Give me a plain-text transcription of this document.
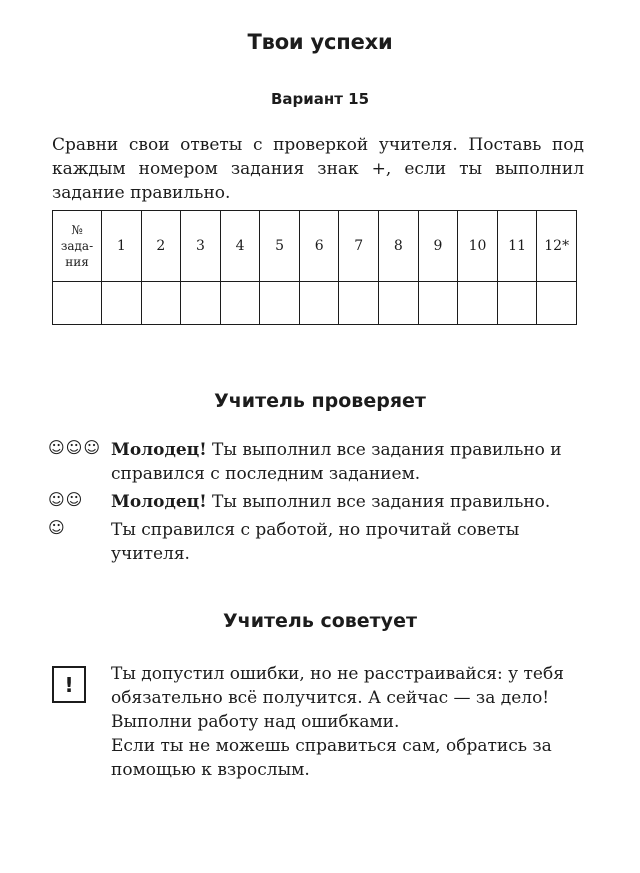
Твои успехи
Вариант 15
Сравни свои ответы с проверкой учителя. Поставь под каждым номером задания знак +, если ты выполнил задание правильно.
№
зада-
ния	1	2	3	4	5	6	7	8	9	10	11	12*

Учитель проверяет
☺☺☺ Молодец! Ты выполнил все задания правильно и справился с последним заданием.
☺☺ Молодец! Ты выполнил все задания правильно.
☺	Ты справился с работой, но прочитай советы учителя.
Учитель советует
!	Ты допустил ошибки, но не расстраивайся: у тебя обязательно всё получится. А сейчас — за дело!

Выполни работу над ошибками.

Если ты не можешь справиться сам, обратись за помощью к взрослым.
